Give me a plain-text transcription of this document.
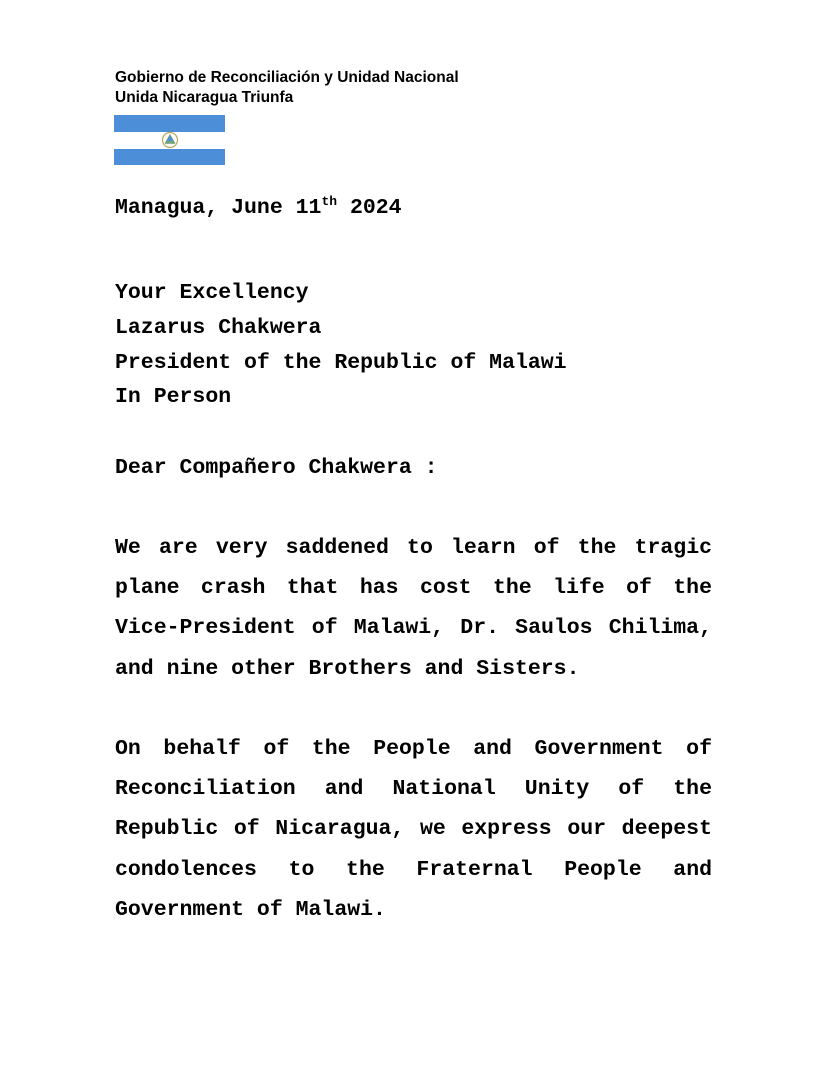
Gobierno de Reconciliación y Unidad Nacional
Unida Nicaragua Triunfa
Managua, June 11th 2024
Your Excellency
Lazarus Chakwera
President of the Republic of Malawi
In Person
Dear Compañero Chakwera :
We are very saddened to learn of the tragic plane crash that has cost the life of the Vice-President of Malawi, Dr. Saulos Chilima, and nine other Brothers and Sisters.
On behalf of the People and Government of Reconciliation and National Unity of the Republic of Nicaragua, we express our deepest condolences to the Fraternal People and Government of Malawi.
